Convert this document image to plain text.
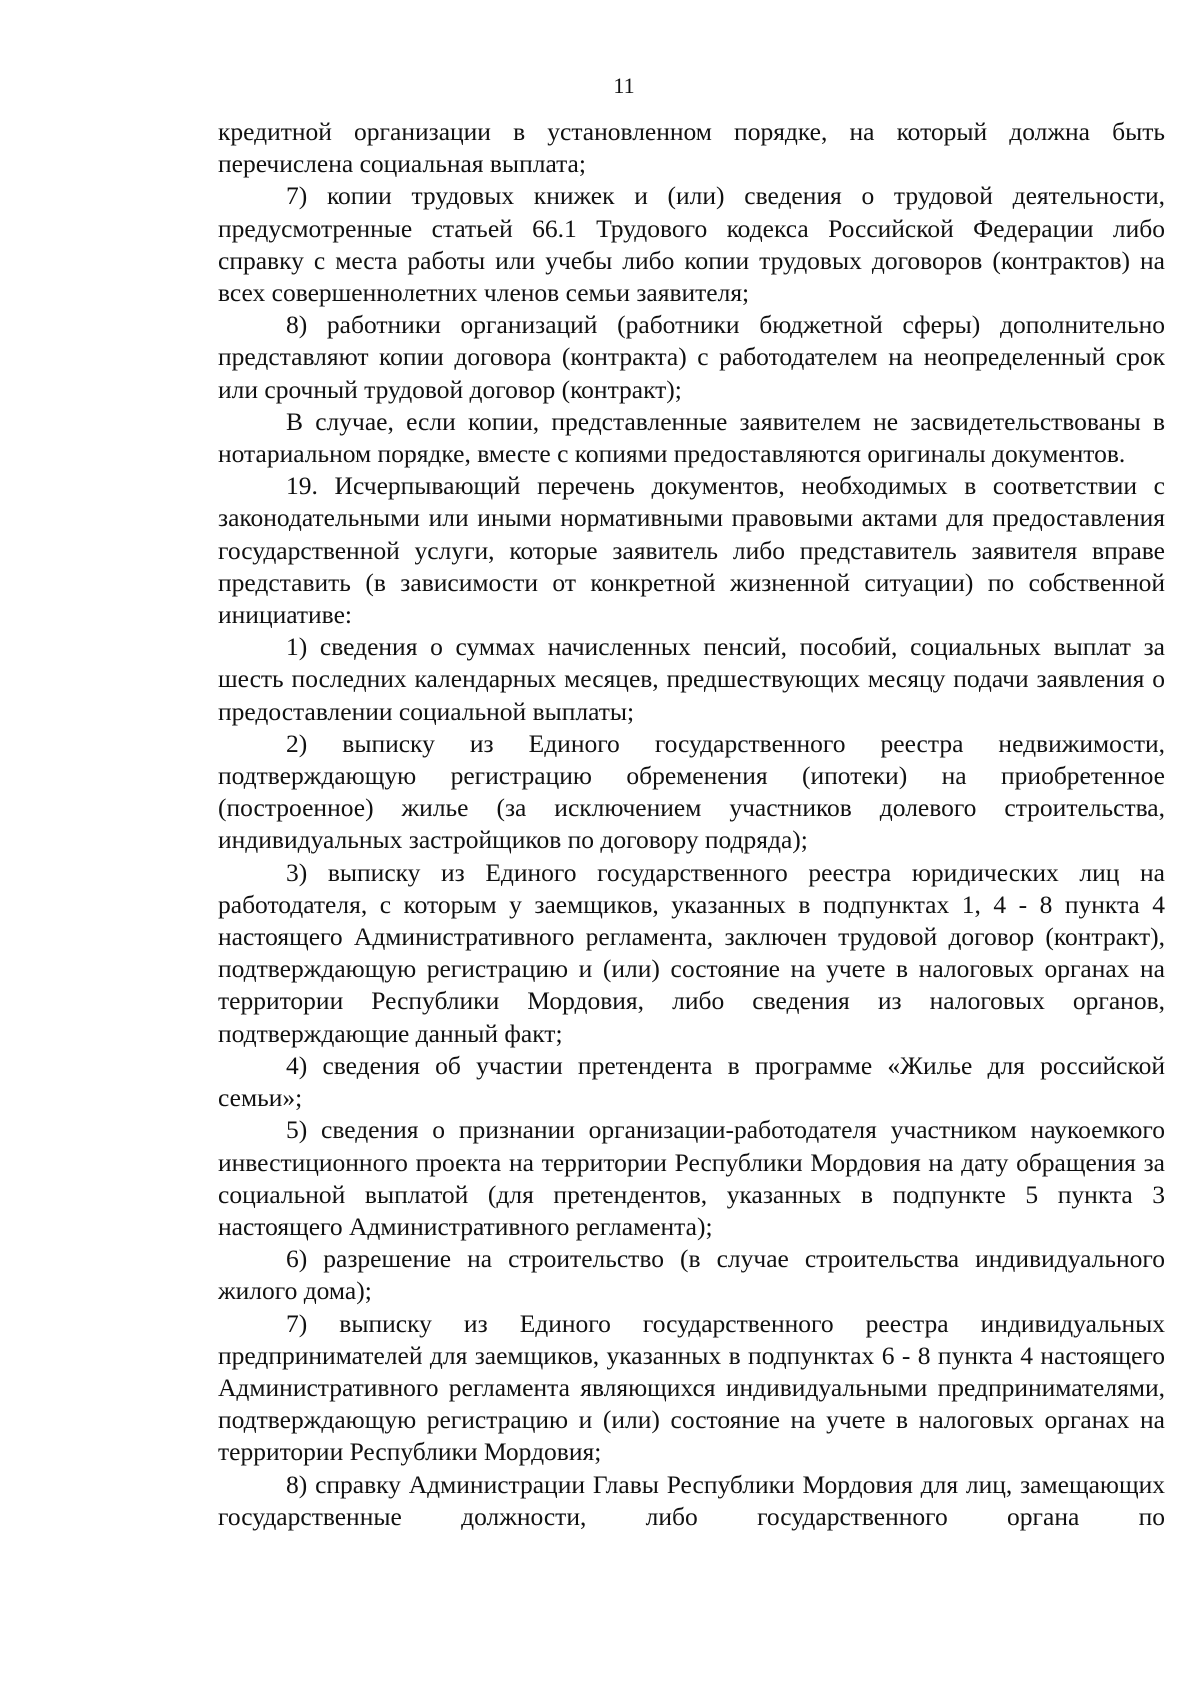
11

кредитной организации в установленном порядке, на который должна быть перечислена социальная выплата;

7) копии трудовых книжек и (или) сведения о трудовой деятельности, предусмотренные статьей 66.1 Трудового кодекса Российской Федерации либо справку с места работы или учебы либо копии трудовых договоров (контрактов) на всех совершеннолетних членов семьи заявителя;

8) работники организаций (работники бюджетной сферы) дополнительно представляют копии договора (контракта) с работодателем на неопределенный срок или срочный трудовой договор (контракт);

В случае, если копии, представленные заявителем не засвидетельствованы в нотариальном порядке, вместе с копиями предоставляются оригиналы документов.

19. Исчерпывающий перечень документов, необходимых в соответствии с законодательными или иными нормативными правовыми актами для предоставления государственной услуги, которые заявитель либо представитель заявителя вправе представить (в зависимости от конкретной жизненной ситуации) по собственной инициативе:

1) сведения о суммах начисленных пенсий, пособий, социальных выплат за шесть последних календарных месяцев, предшествующих месяцу подачи заявления о предоставлении социальной выплаты;

2) выписку из Единого государственного реестра недвижимости, подтверждающую регистрацию обременения (ипотеки) на приобретенное (построенное) жилье (за исключением участников долевого строительства, индивидуальных застройщиков по договору подряда);

3) выписку из Единого государственного реестра юридических лиц на работодателя, с которым у заемщиков, указанных в подпунктах 1, 4 - 8 пункта 4 настоящего Административного регламента, заключен трудовой договор (контракт), подтверждающую регистрацию и (или) состояние на учете в налоговых органах на территории Республики Мордовия, либо сведения из налоговых органов, подтверждающие данный факт;

4) сведения об участии претендента в программе «Жилье для российской семьи»;

5) сведения о признании организации-работодателя участником наукоемкого инвестиционного проекта на территории Республики Мордовия на дату обращения за социальной выплатой (для претендентов, указанных в подпункте 5 пункта 3 настоящего Административного регламента);

6) разрешение на строительство (в случае строительства индивидуального жилого дома);

7) выписку из Единого государственного реестра индивидуальных предпринимателей для заемщиков, указанных в подпунктах 6 - 8 пункта 4 настоящего Административного регламента являющихся индивидуальными предпринимателями, подтверждающую регистрацию и (или) состояние на учете в налоговых органах на территории Республики Мордовия;

8) справку Администрации Главы Республики Мордовия для лиц, замещающих государственные должности, либо государственного органа по
